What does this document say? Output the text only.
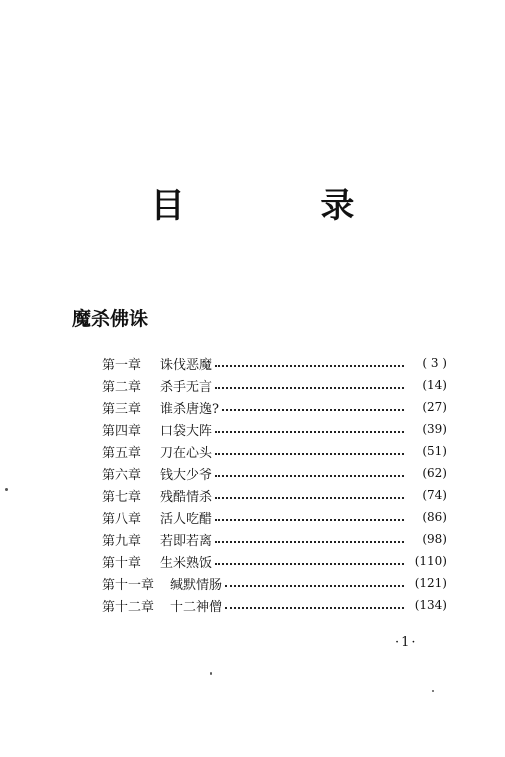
目 录
魔杀佛诛
第一章	诛伐恶魔	( 3 )
第二章	杀手无言	(14)
第三章	谁杀唐逸?	(27)
第四章	口袋大阵	(39)
第五章	刀在心头	(51)
第六章	钱大少爷	(62)
第七章	残酷情杀	(74)
第八章	活人吃醋	(86)
第九章	若即若离	(98)
第十章	生米熟饭	(110)
第十一章	缄默情肠	(121)
第十二章	十二神僧	(134)
·1·
